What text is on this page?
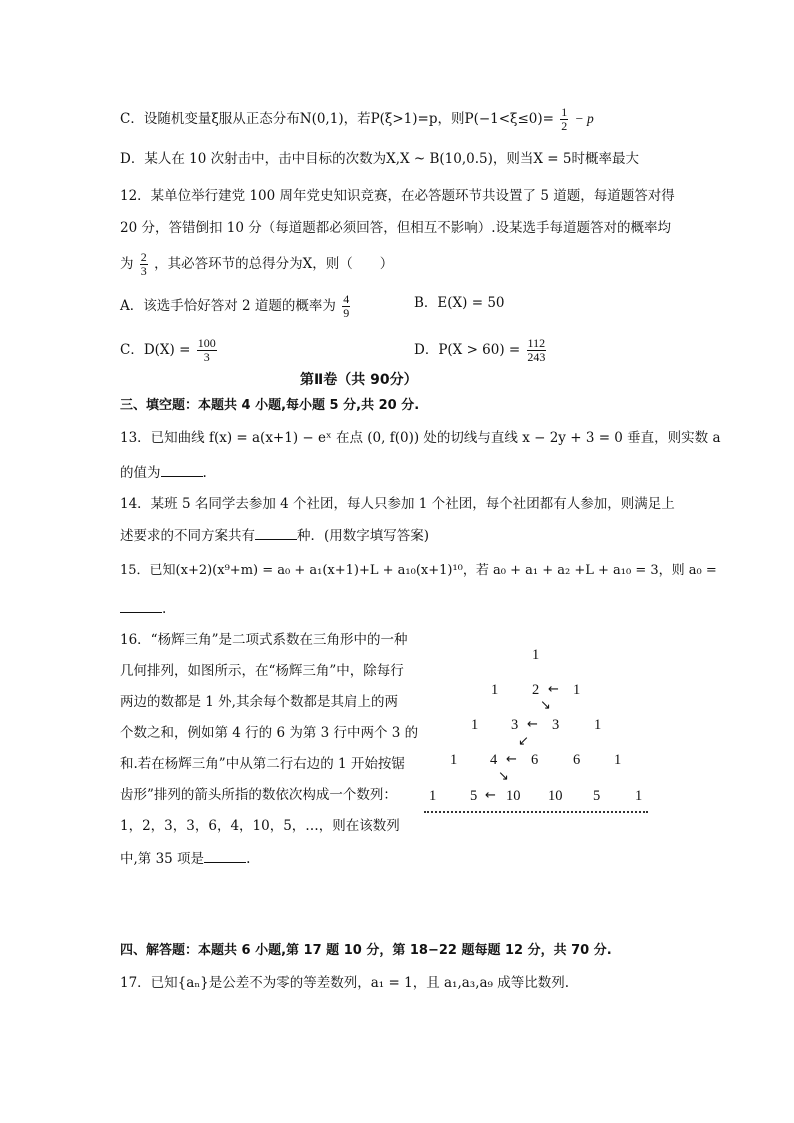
C．设随机变量ξ服从正态分布N(0,1)，若P(ξ>1)=p，则$P(-1<\xi\le 0)= \frac{1}{2} - p$
D．某人在 10 次射击中，击中目标的次数为X,X ~ B(10,0.5)，则当X = 5时概率最大
12．某单位举行建党 100 周年党史知识竞赛，在必答题环节共设置了 5 道题，每道题答对得
20 分，答错倒扣 10 分（每道题都必须回答，但相互不影响）.设某选手每道题答对的概率均
为 $\frac{2}{3}$ ，其必答环节的总得分为X，则（　　）
A．该选手恰好答对 2 道题的概率为 $\frac{4}{9}$	B．E(X) = 50
C．$D(X) = \frac{100}{3}$	D．$P(X > 60) = \frac{112}{243}$
第Ⅱ卷（共 90分）
三、填空题：本题共 4 小题,每小题 5 分,共 20 分.
13．已知曲线 f(x) = a(x+1) − eˣ 在点 (0, f(0)) 处的切线与直线 x − 2y + 3 = 0 垂直，则实数 a
的值为	.
14．某班 5 名同学去参加 4 个社团，每人只参加 1 个社团，每个社团都有人参加，则满足上
述要求的不同方案共有	种．(用数字填写答案)
15．已知(x+2)(x⁹+m) = a₀ + a₁(x+1)+L + a₁₀(x+1)¹⁰，若 a₀ + a₁ + a₂ +L + a₁₀ = 3，则 a₀ =
.
16．“杨辉三角”是二项式系数在三角形中的一种
几何排列，如图所示，在“杨辉三角”中，除每行
两边的数都是 1 外,其余每个数都是其肩上的两
个数之和，例如第 4 行的 6 为第 3 行中两个 3 的
和.若在杨辉三角”中从第二行右边的 1 开始按锯
齿形”排列的箭头所指的数依次构成一个数列：
1，2，3，3，6，4，10，5，…，则在该数列
中,第 35 项是	.
1
1 2 ← 1
1
↘
3 ← 3 1
1
↙
4 ← 6 6 1
1
↘
5 ← 10 10 5 1
四、解答题：本题共 6 小题,第 17 题 10 分，第 18−22 题每题 12 分，共 70 分.
17．已知{aₙ}是公差不为零的等差数列，a₁ = 1，且 a₁,a₃,a₉ 成等比数列.
